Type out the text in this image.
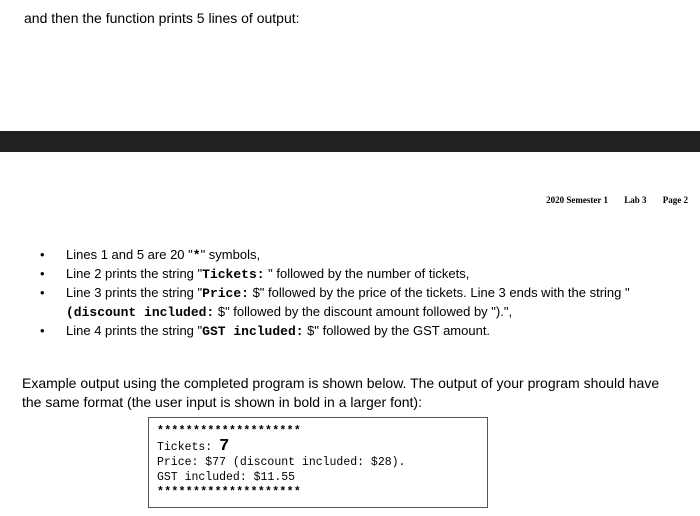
and then the function prints 5 lines of output:
2020 Semester 1 Lab 3 Page 2
• Lines 1 and 5 are 20 "*" symbols,
• Line 2 prints the string "Tickets: " followed by the number of tickets,
• Line 3 prints the string "Price: $" followed by the price of the tickets. Line 3 ends with the string "(discount included: $" followed by the discount amount followed by ").",
• Line 4 prints the string "GST included: $" followed by the GST amount.
Example output using the completed program is shown below. The output of your program should have the same format (the user input is shown in bold in a larger font):
********************
Tickets: 7
Price: $77 (discount included: $28).
GST included: $11.55
********************
